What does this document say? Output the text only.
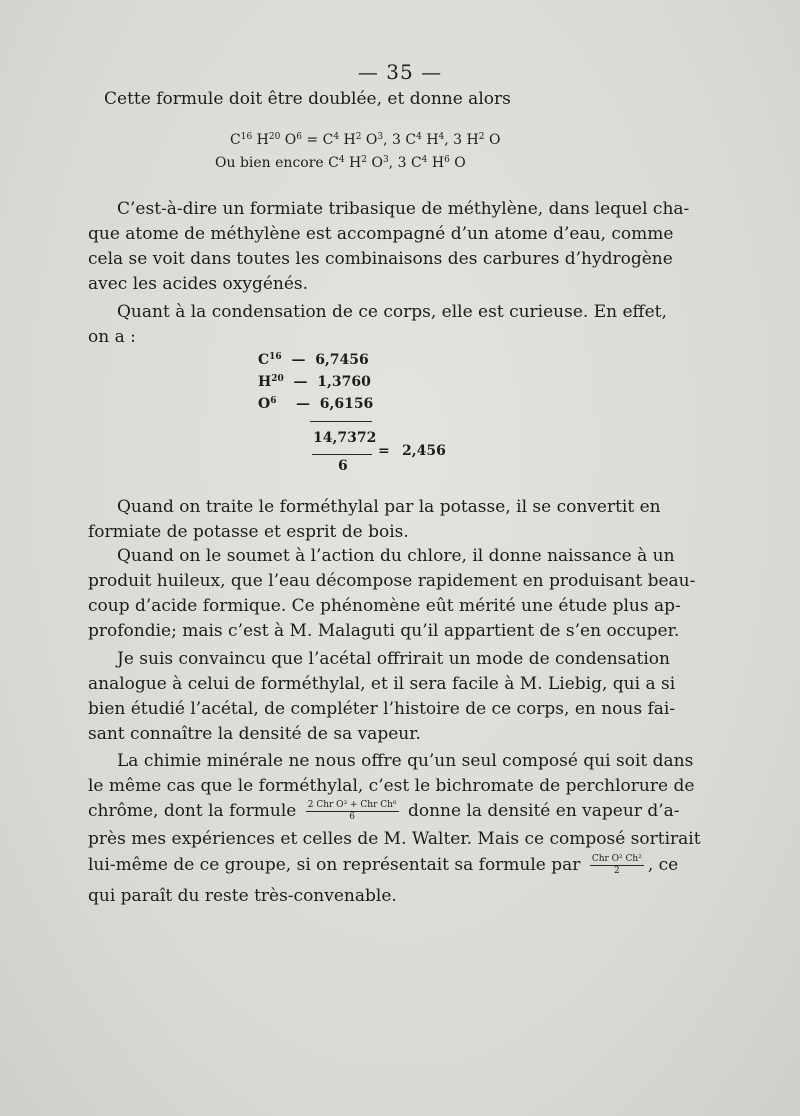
— 35 —
Cette formule doit être doublée, et donne alors
$C^{16}$ $H^{20}$ $O^6 = C^4$ $H^2$ $O^3$, 3 $C^4$ $H^4$, 3 $H^2$ O
Ou bien encore $C^4$ $H^2$ $O^3$, 3 $C^4$ $H^6$ O
C’est-à-dire un formiate tribasique de méthylène, dans lequel cha-
que atome de méthylène est accompagné d’un atome d’eau, comme
cela se voit dans toutes les combinaisons des carbures d’hydrogène
avec les acides oxygénés.
Quant à la condensation de ce corps, elle est curieuse. En effet,
on a :
$C^{16}$ — 6,7456
$H^{20}$ — 1,3760
$O^6$ — 6,6156
14,7372
= 2,456
6
Quand on traite le forméthylal par la potasse, il se convertit en
formiate de potasse et esprit de bois.
Quand on le soumet à l’action du chlore, il donne naissance à un
produit huileux, que l’eau décompose rapidement en produisant beau-
coup d’acide formique. Ce phénomène eût mérité une étude plus ap-
profondie; mais c’est à M. Malaguti qu’il appartient de s’en occuper.
Je suis convaincu que l’acétal offrirait un mode de condensation
analogue à celui de forméthylal, et il sera facile à M. Liebig, qui a si
bien étudié l’acétal, de compléter l’histoire de ce corps, en nous fai-
sant connaître la densité de sa vapeur.
La chimie minérale ne nous offre qu’un seul composé qui soit dans
le même cas que le forméthylal, c’est le bichromate de perchlorure de
chrôme, dont la formule $\frac{\text{2 Chr O³ + Chr Ch⁶}}{6}$ donne la densité en vapeur d’a-
près mes expériences et celles de M. Walter. Mais ce composé sortirait
lui-même de ce groupe, si on représentait sa formule par $\frac{\text{Chr O² Ch²}}{2}$ , ce
qui paraît du reste très-convenable.
